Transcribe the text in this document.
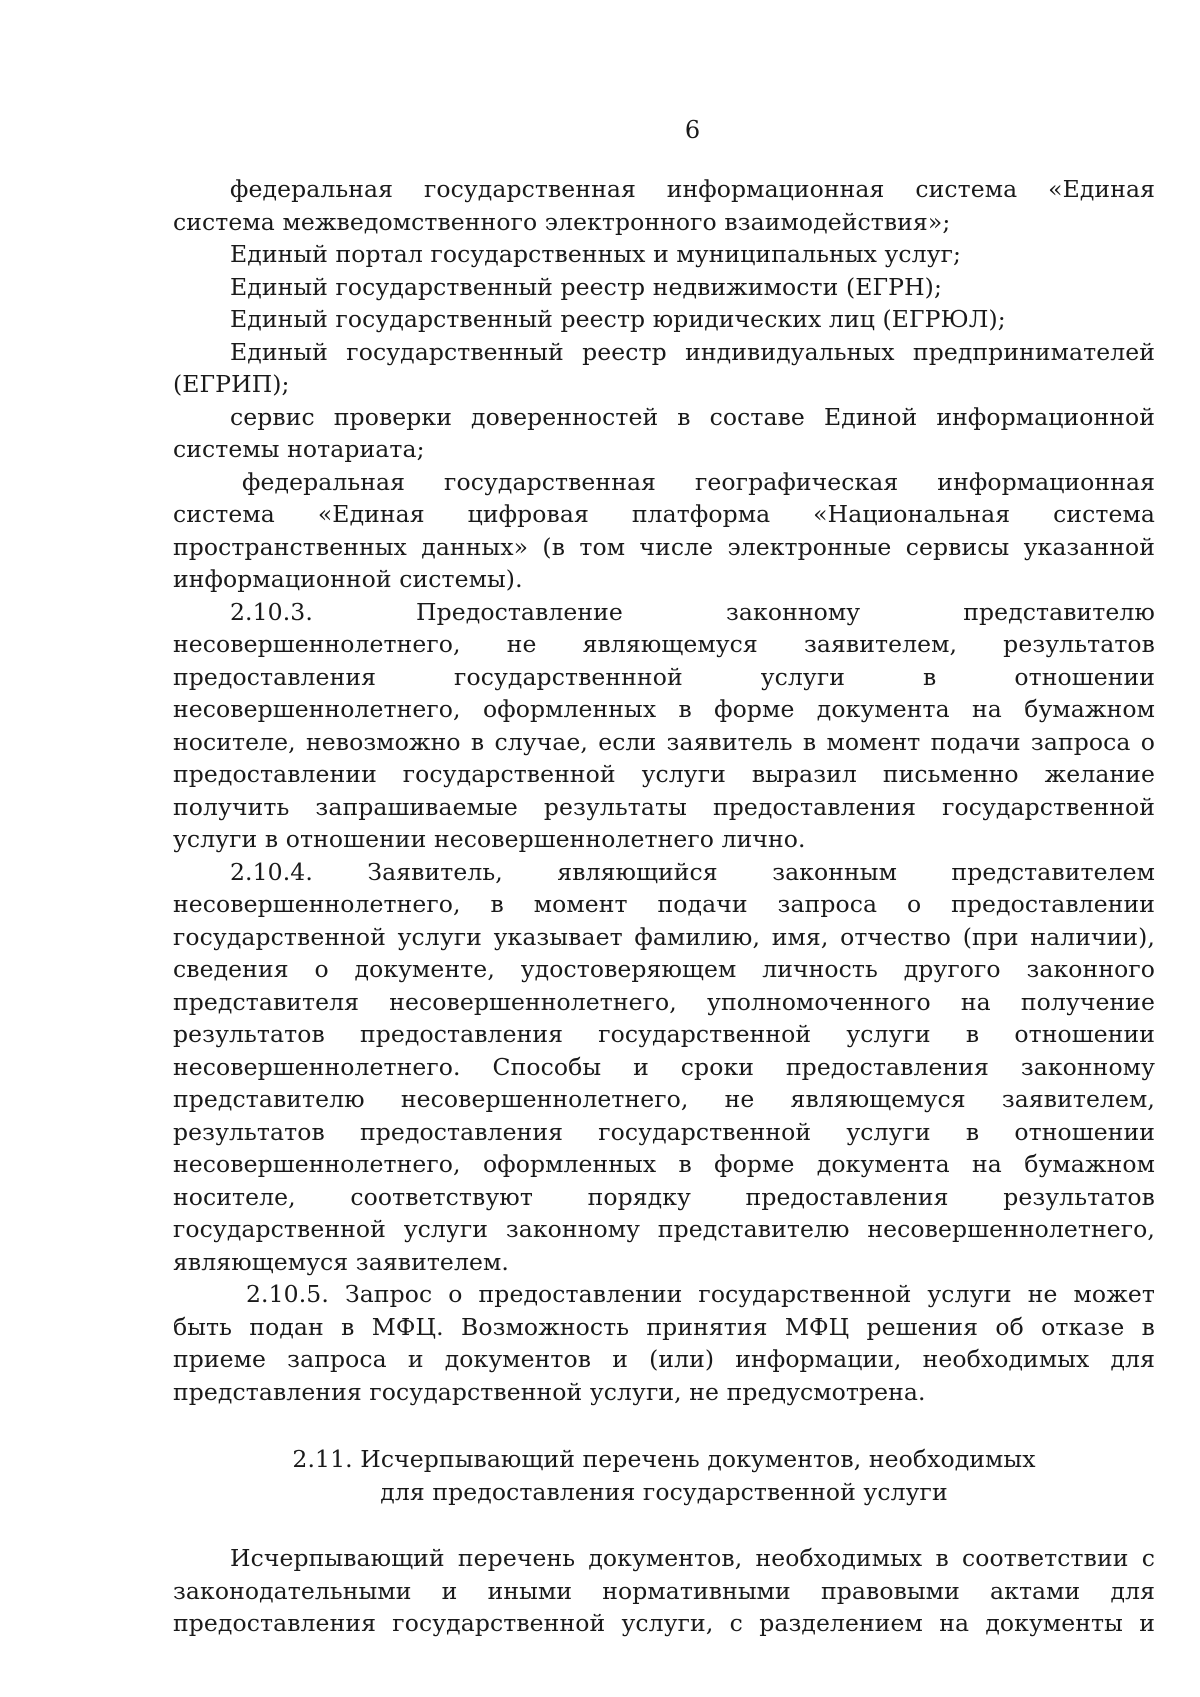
6

федеральная государственная информационная система «Единая система межведомственного электронного взаимодействия»;

Единый портал государственных и муниципальных услуг;

Единый государственный реестр недвижимости (ЕГРН);

Единый государственный реестр юридических лиц (ЕГРЮЛ);

Единый государственный реестр индивидуальных предпринимателей (ЕГРИП);

сервис проверки доверенностей в составе Единой информационной системы нотариата;

федеральная государственная географическая информационная система «Единая цифровая платформа «Национальная система пространственных данных» (в том числе электронные сервисы указанной информационной системы).

2.10.3. Предоставление законному представителю несовершеннолетнего, не являющемуся заявителем, результатов предоставления государственнной услуги в отношении несовершеннолетнего, оформленных в форме документа на бумажном носителе, невозможно в случае, если заявитель в момент подачи запроса о предоставлении государственной услуги выразил письменно желание получить запрашиваемые результаты предоставления государственной услуги в отношении несовершеннолетнего лично.

2.10.4. Заявитель, являющийся законным представителем несовершеннолетнего, в момент подачи запроса о предоставлении государственной услуги указывает фамилию, имя, отчество (при наличии), сведения о документе, удостоверяющем личность другого законного представителя несовершеннолетнего, уполномоченного на получение результатов предоставления государственной услуги в отношении несовершеннолетнего. Способы и сроки предоставления законному представителю несовершеннолетнего, не являющемуся заявителем, результатов предоставления государственной услуги в отношении несовершеннолетнего, оформленных в форме документа на бумажном носителе, соответствуют порядку предоставления результатов государственной услуги законному представителю несовершеннолетнего, являющемуся заявителем.

2.10.5. Запрос о предоставлении государственной услуги не может быть подан в МФЦ. Возможность принятия МФЦ решения об отказе в приеме запроса и документов и (или) информации, необходимых для представления государственной услуги, не предусмотрена.

2.11. Исчерпывающий перечень документов, необходимых
для предоставления государственной услуги

Исчерпывающий перечень документов, необходимых в соответствии с законодательными и иными нормативными правовыми актами для предоставления государственной услуги, с разделением на документы и
